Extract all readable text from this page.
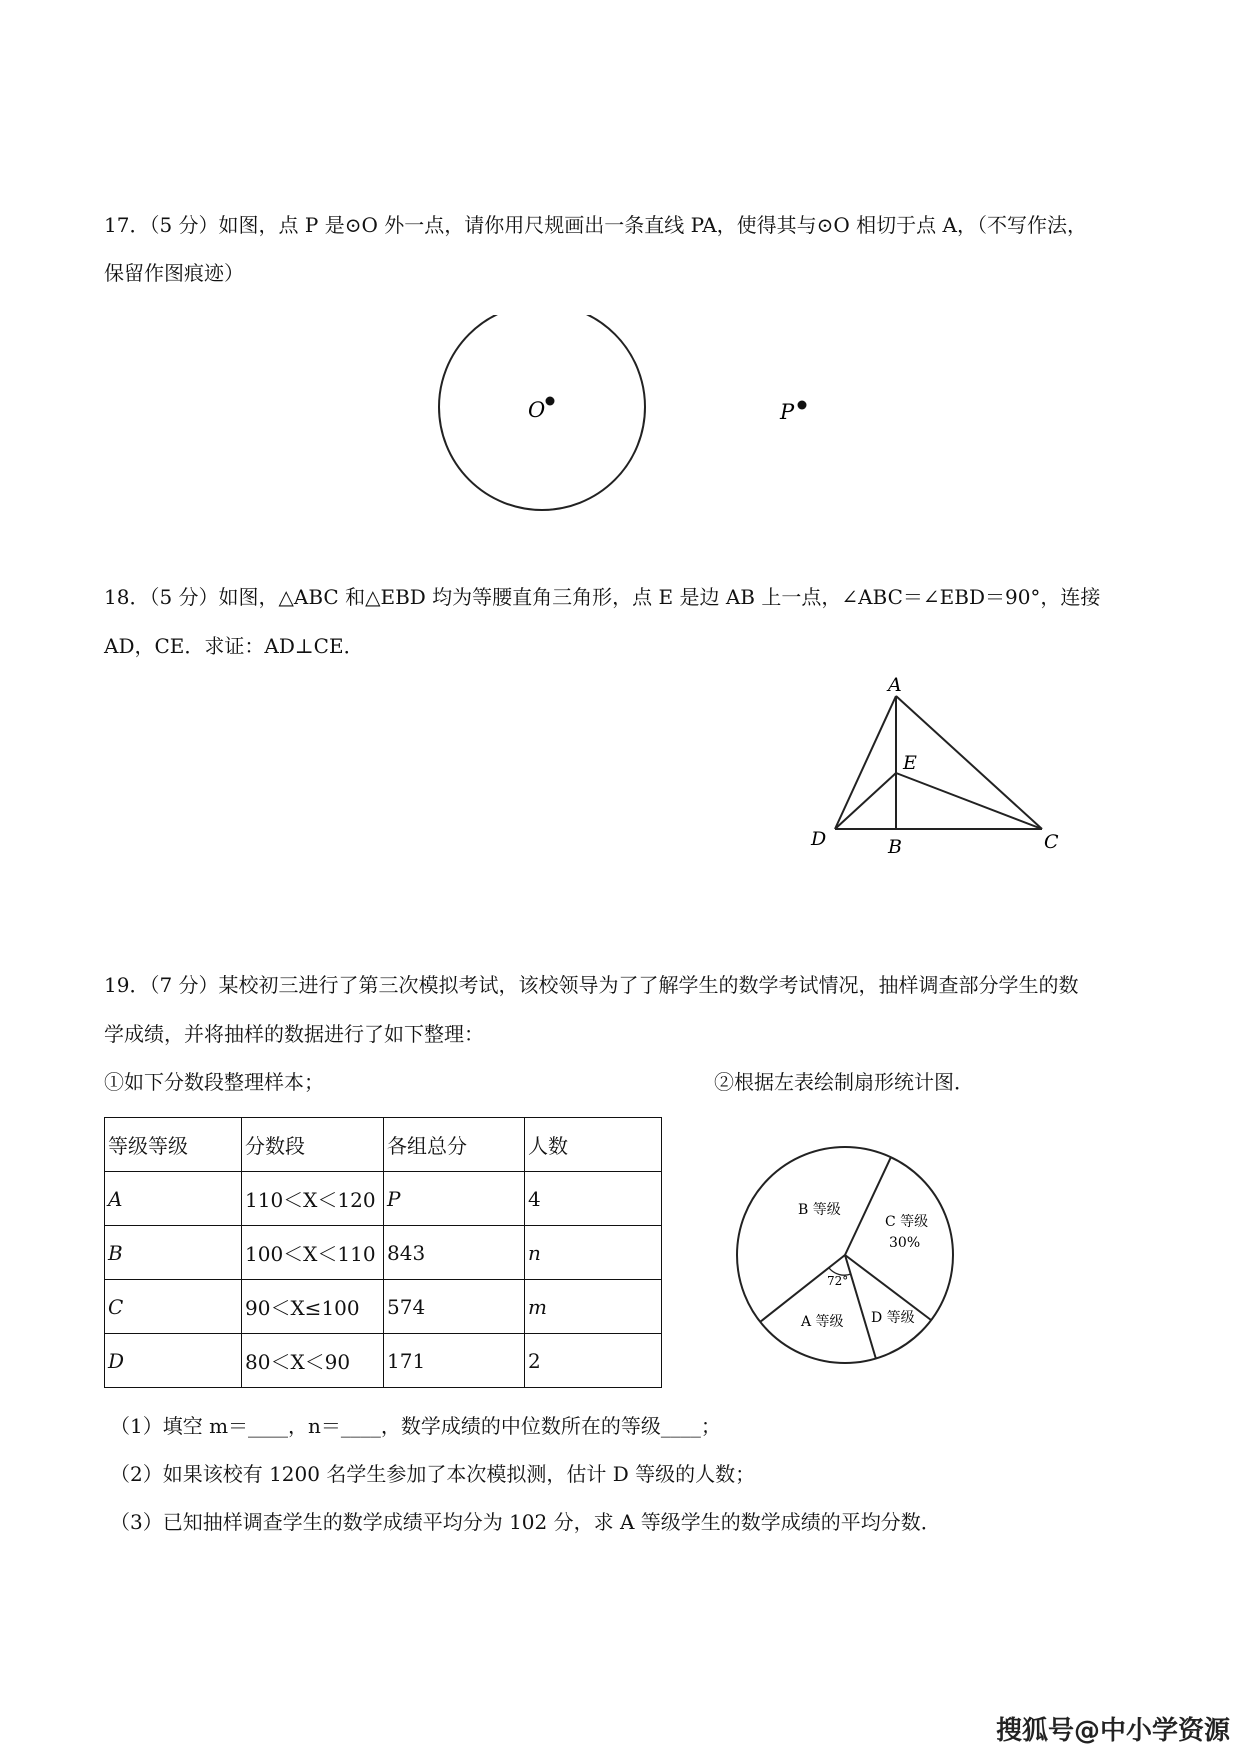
17．（5 分）如图，点 P 是⊙O 外一点，请你用尺规画出一条直线 PA，使得其与⊙O 相切于点 A，（不写作法，
保留作图痕迹）
O	P
18．（5 分）如图，△ABC 和△EBD 均为等腰直角三角形，点 E 是边 AB 上一点，∠ABC＝∠EBD＝90°，连接
AD，CE．求证：AD⊥CE．
A
E
D	B	C
19．（7 分）某校初三进行了第三次模拟考试，该校领导为了了解学生的数学考试情况，抽样调查部分学生的数
学成绩，并将抽样的数据进行了如下整理：
①如下分数段整理样本；	②根据左表绘制扇形统计图．
等级等级	分数段	各组总分	人数
A	110＜X＜120	P	4
B	100＜X＜110	843	n
C	90＜X≤100	574	m
D	80＜X＜90	171	2
B 等级
C 等级
30%
D 等级
A 等级
72°
（1）填空 m＝____，n＝____，数学成绩的中位数所在的等级____；
（2）如果该校有 1200 名学生参加了本次模拟测，估计 D 等级的人数；
（3）已知抽样调查学生的数学成绩平均分为 102 分，求 A 等级学生的数学成绩的平均分数．
搜狐号@中小学资源
